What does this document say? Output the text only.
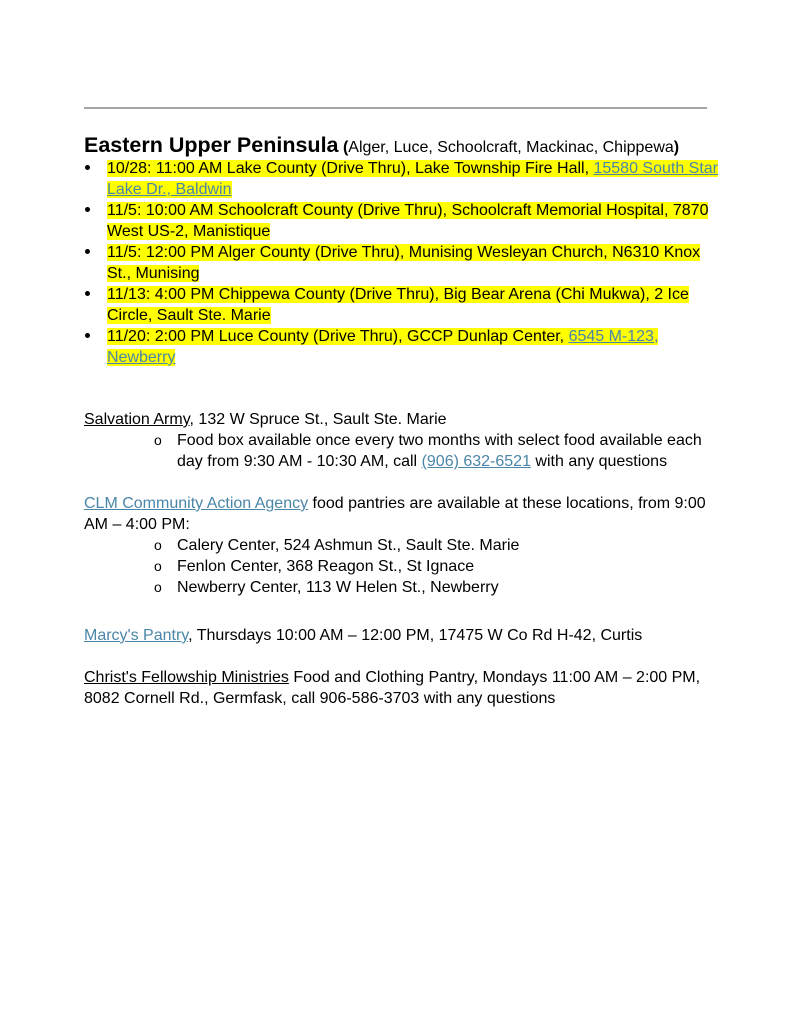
Eastern Upper Peninsula (Alger, Luce, Schoolcraft, Mackinac, Chippewa)

10/28: 11:00 AM Lake County (Drive Thru), Lake Township Fire Hall, 15580 South Star Lake Dr., Baldwin
11/5: 10:00 AM Schoolcraft County (Drive Thru), Schoolcraft Memorial Hospital, 7870 West US-2, Manistique
11/5: 12:00 PM Alger County (Drive Thru), Munising Wesleyan Church, N6310 Knox St., Munising
11/13: 4:00 PM Chippewa County (Drive Thru), Big Bear Arena (Chi Mukwa), 2 Ice Circle, Sault Ste. Marie
11/20: 2:00 PM Luce County (Drive Thru), GCCP Dunlap Center, 6545 M-123, Newberry
Salvation Army, 132 W Spruce St., Sault Ste. Marie
o Food box available once every two months with select food available each day from 9:30 AM - 10:30 AM, call (906) 632-6521 with any questions
CLM Community Action Agency food pantries are available at these locations, from 9:00 AM – 4:00 PM:
o Calery Center, 524 Ashmun St., Sault Ste. Marie
o Fenlon Center, 368 Reagon St., St Ignace
o Newberry Center, 113 W Helen St., Newberry
Marcy's Pantry, Thursdays 10:00 AM – 12:00 PM, 17475 W Co Rd H-42, Curtis
Christ's Fellowship Ministries Food and Clothing Pantry, Mondays 11:00 AM – 2:00 PM, 8082 Cornell Rd., Germfask, call 906-586-3703 with any questions
